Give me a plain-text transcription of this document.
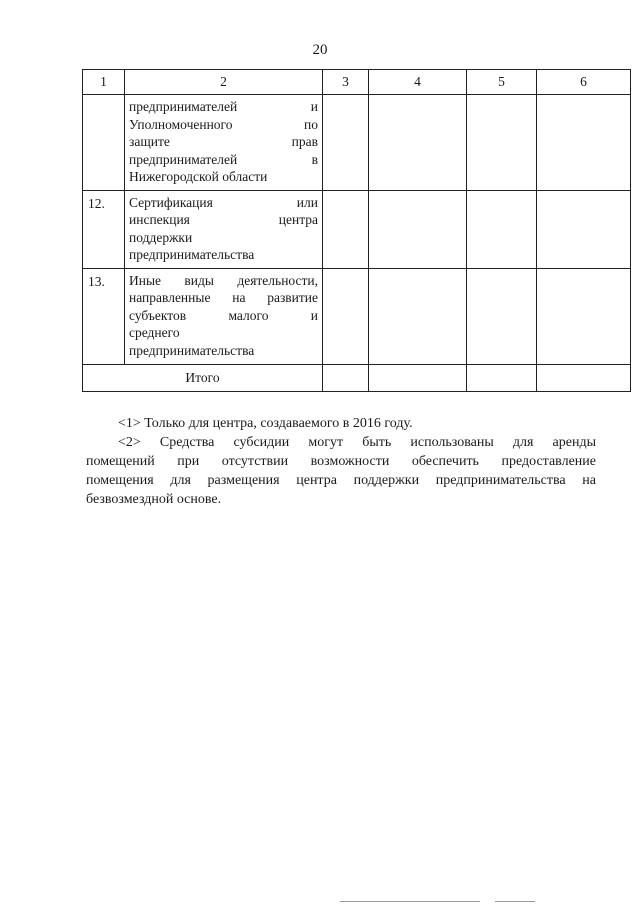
20
1	2	3	4	5	6

	предпринимателей и
Уполномоченного по
защите прав
предпринимателей в
Нижегородской области				

12.	Сертификация или
инспекция центра
поддержки
предпринимательства				

13.	Иные виды деятельности,
направленные на развитие
субъектов малого и
среднего
предпринимательства				

Итого					

<1> Только для центра, создаваемого в 2016 году.

<2> Средства субсидии могут быть использованы для аренды
помещений при отсутствии возможности обеспечить предоставление
помещения для размещения центра поддержки предпринимательства на
безвозмездной основе.
